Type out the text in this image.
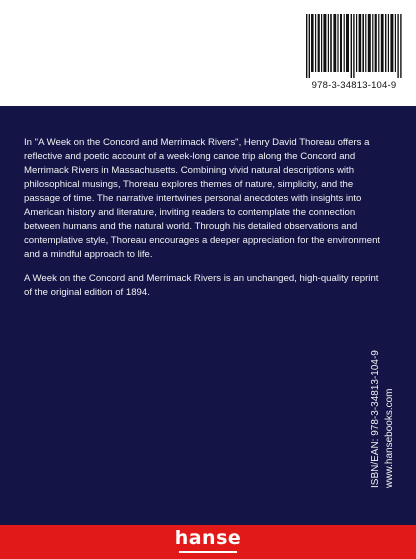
978-3-34813-104-9

In "A Week on the Concord and Merrimack Rivers", Henry David Thoreau offers a reflective and poetic account of a week-long canoe trip along the Concord and Merrimack Rivers in Massachusetts. Combining vivid natural descriptions with philosophical musings, Thoreau explores themes of nature, simplicity, and the passage of time. The narrative intertwines personal anecdotes with insights into American history and literature, inviting readers to contemplate the connection between humans and the natural world. Through his detailed observations and contemplative style, Thoreau encourages a deeper appreciation for the environment and a mindful approach to life.

A Week on the Concord and Merrimack Rivers is an unchanged, high-quality reprint of the original edition of 1894.

ISBN/EAN: 978-3-34813-104-9 www.hansebooks.com
hanse
